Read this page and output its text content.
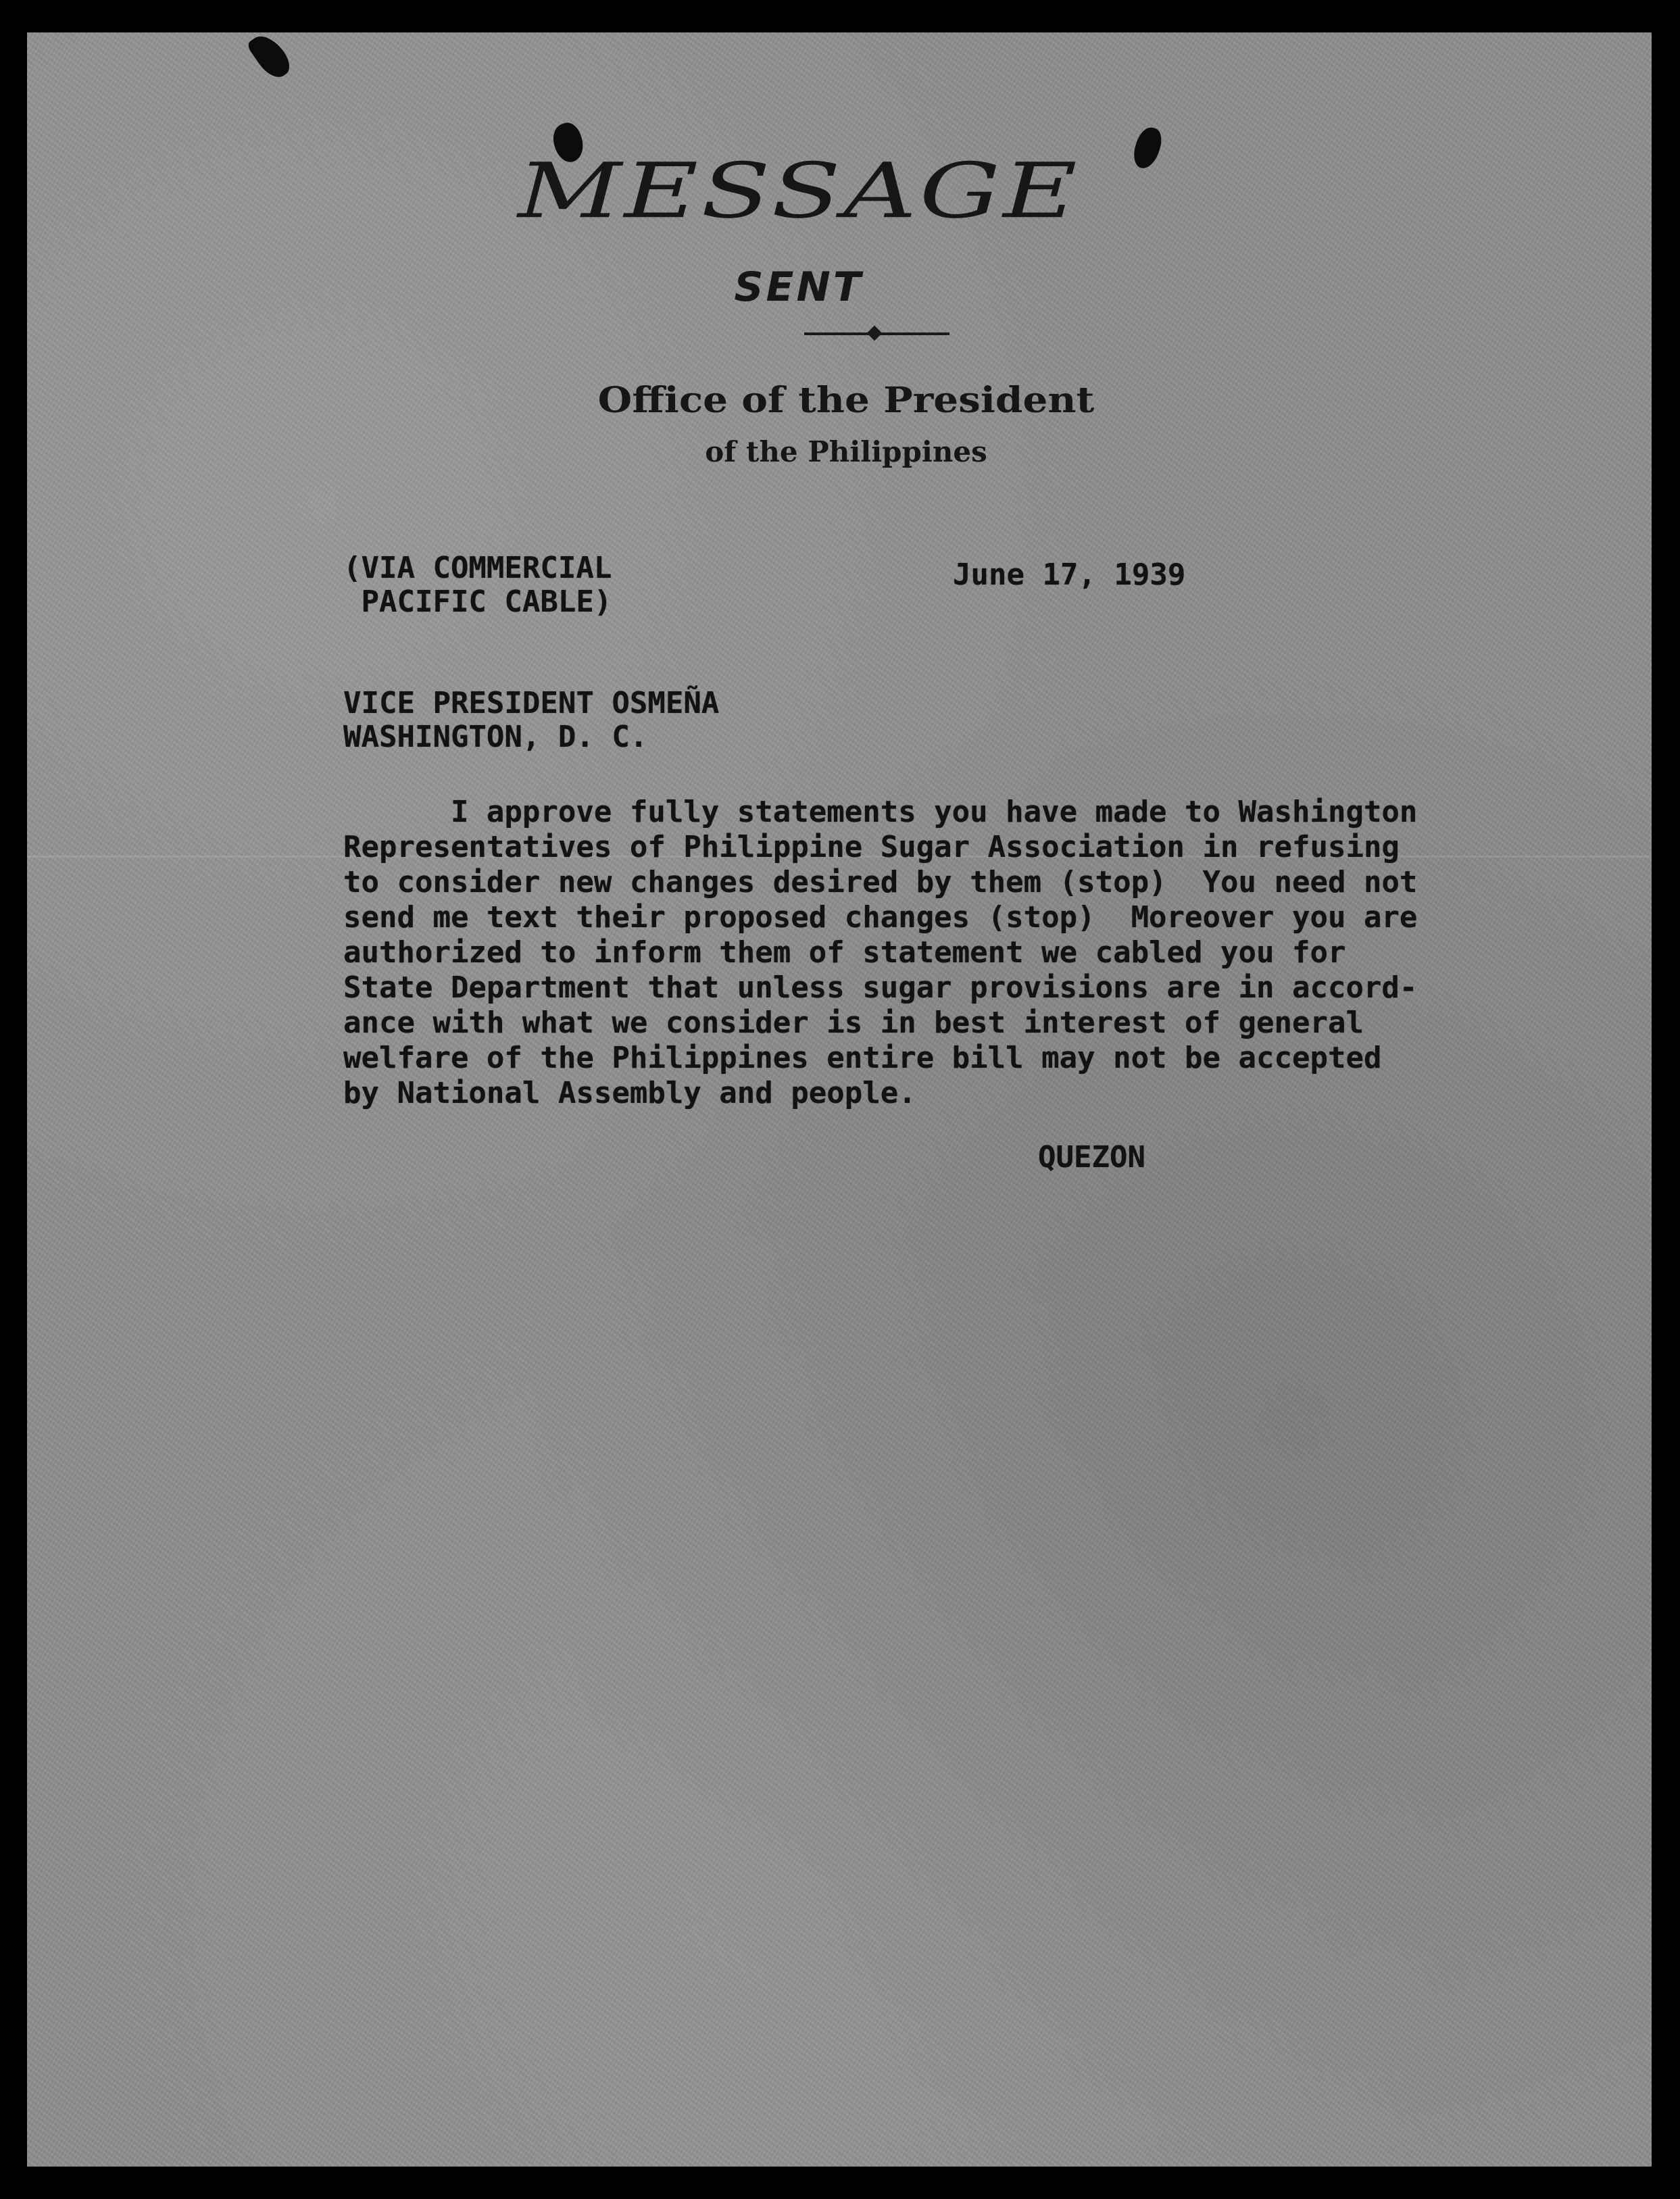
MESSAGE
SENT
Office of the President
of the Philippines
(VIA COMMERCIAL
PACIFIC CABLE)
June 17, 1939
VICE PRESIDENT OSMEÑA
WASHINGTON, D. C.
I approve fully statements you have made to Washington
Representatives of Philippine Sugar Association in refusing
to consider new changes desired by them (stop)  You need not
send me text their proposed changes (stop)  Moreover you are
authorized to inform them of statement we cabled you for
State Department that unless sugar provisions are in accord-
ance with what we consider is in best interest of general
welfare of the Philippines entire bill may not be accepted
by National Assembly and people.
QUEZON
